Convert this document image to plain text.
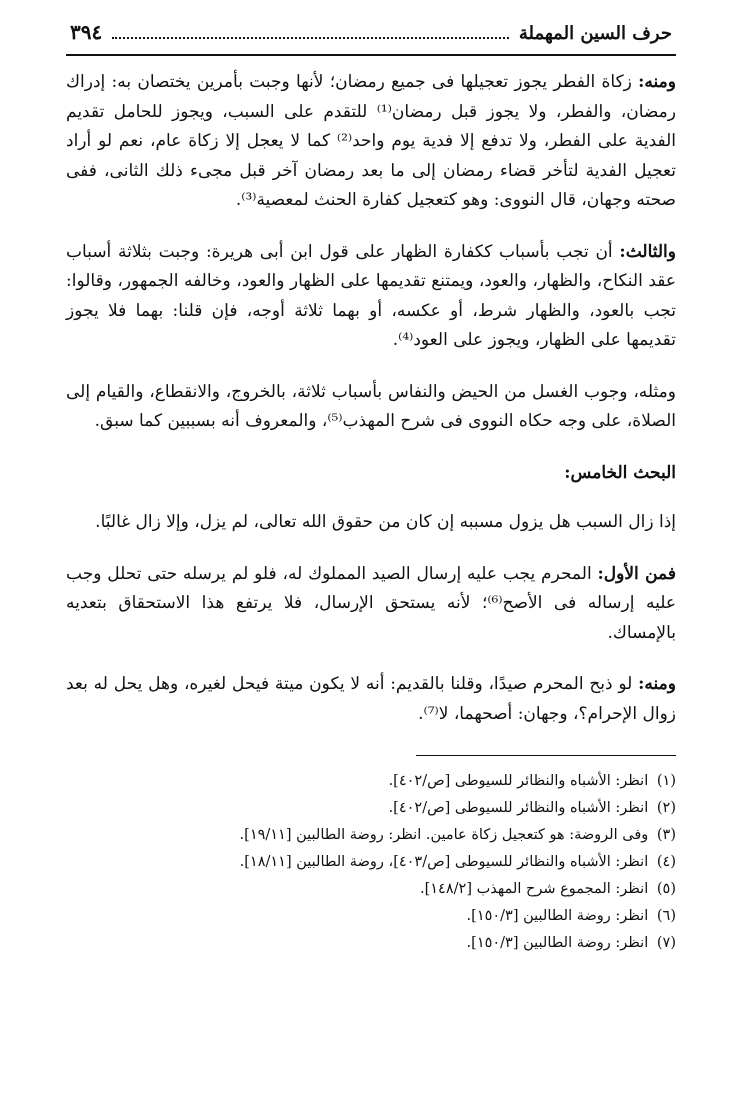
حرف السين المهملة
٣٩٤

ومنه: زكاة الفطر يجوز تعجيلها فى جميع رمضان؛ لأنها وجبت بأمرين يختصان به: إدراك رمضان، والفطر، ولا يجوز قبل رمضان⁽¹⁾ للتقدم على السبب، ويجوز للحامل تقديم الفدية على الفطر، ولا تدفع إلا فدية يوم واحد⁽²⁾ كما لا يعجل إلا زكاة عام، نعم لو أراد تعجيل الفدية لتأخر قضاء رمضان إلى ما بعد رمضان آخر قبل مجىء ذلك الثانى، ففى صحته وجهان، قال النووى: وهو كتعجيل كفارة الحنث لمعصية⁽³⁾.

والثالث: أن تجب بأسباب ككفارة الظهار على قول ابن أبى هريرة: وجبت بثلاثة أسباب عقد النكاح، والظهار، والعود، ويمتنع تقديمها على الظهار والعود، وخالفه الجمهور، وقالوا: تجب بالعود، والظهار شرط، أو عكسه، أو بهما ثلاثة أوجه، فإن قلنا: بهما فلا يجوز تقديمها على الظهار، ويجوز على العود⁽⁴⁾.

ومثله، وجوب الغسل من الحيض والنفاس بأسباب ثلاثة، بالخروج، والانقطاع، والقيام إلى الصلاة، على وجه حكاه النووى فى شرح المهذب⁽⁵⁾، والمعروف أنه بسببين كما سبق.

البحث الخامس:

إذا زال السبب هل يزول مسببه إن كان من حقوق الله تعالى، لم يزل، وإلا زال غالبًا.

فمن الأول: المحرم يجب عليه إرسال الصيد المملوك له، فلو لم يرسله حتى تحلل وجب عليه إرساله فى الأصح⁽⁶⁾؛ لأنه يستحق الإرسال، فلا يرتفع هذا الاستحقاق بتعديه بالإمساك.

ومنه: لو ذبح المحرم صيدًا، وقلنا بالقديم: أنه لا يكون ميتة فيحل لغيره، وهل يحل له بعد زوال الإحرام؟، وجهان: أصحهما، لا⁽⁷⁾.

(١) انظر: الأشباه والنظائر للسيوطى [ص/٤٠٢].
(٢) انظر: الأشباه والنظائر للسيوطى [ص/٤٠٢].
(٣) وفى الروضة: هو كتعجيل زكاة عامين. انظر: روضة الطالبين [١٩/١١].
(٤) انظر: الأشباه والنظائر للسيوطى [ص/٤٠٣]، روضة الطالبين [١٨/١١].
(٥) انظر: المجموع شرح المهذب [١٤٨/٢].
(٦) انظر: روضة الطالبين [١٥٠/٣].
(٧) انظر: روضة الطالبين [١٥٠/٣].
